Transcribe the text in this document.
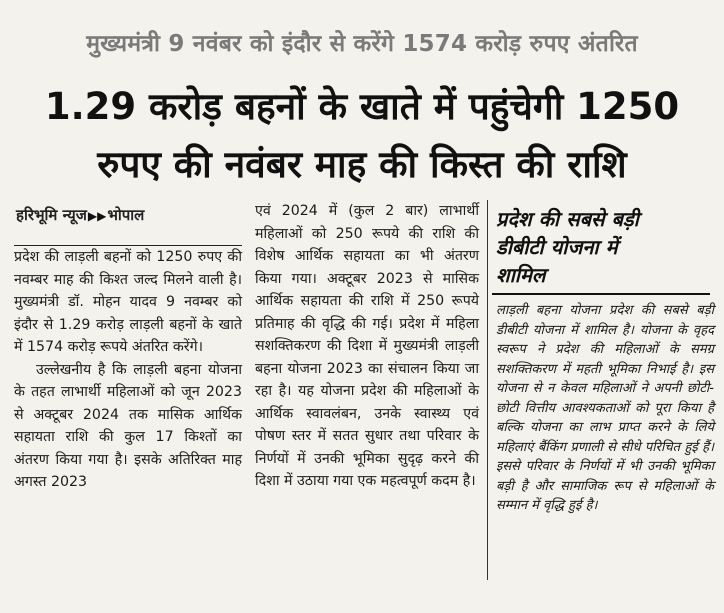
मुख्यमंत्री 9 नवंबर को इंदौर से करेंगे 1574 करोड़ रुपए अंतरित
1.29 करोड़ बहनों के खाते में पहुंचेगी 1250
रुपए की नवंबर माह की किस्त की राशि
हरिभूमि न्यूज▶▶भोपाल

प्रदेश की लाड़ली बहनों को 1250 रुपए की नवम्बर माह की किश्त जल्द मिलने वाली है। मुख्यमंत्री डॉ. मोहन यादव 9 नवम्बर को इंदौर से 1.29 करोड़ लाड़ली बहनों के खाते में 1574 करोड़ रूपये अंतरित करेंगे।

उल्लेखनीय है कि लाड़ली बहना योजना के तहत लाभार्थी महिलाओं को जून 2023 से अक्टूबर 2024 तक मासिक आर्थिक सहायता राशि की कुल 17 किश्तों का अंतरण किया गया है। इसके अतिरिक्त माह अगस्त 2023

एवं 2024 में (कुल 2 बार) लाभार्थी महिलाओं को 250 रूपये की राशि की विशेष आर्थिक सहायता का भी अंतरण किया गया। अक्टूबर 2023 से मासिक आर्थिक सहायता की राशि में 250 रूपये प्रतिमाह की वृद्धि की गई। प्रदेश में महिला सशक्तिकरण की दिशा में मुख्यमंत्री लाड़ली बहना योजना 2023 का संचालन किया जा रहा है। यह योजना प्रदेश की महिलाओं के आर्थिक स्वावलंबन, उनके स्वास्थ्य एवं पोषण स्तर में सतत सुधार तथा परिवार के निर्णयों में उनकी भूमिका सुदृढ़ करने की दिशा में उठाया गया एक महत्वपूर्ण कदम है।

प्रदेश की सबसे बड़ी
डीबीटी योजना में
शामिल

लाड़ली बहना योजना प्रदेश की सबसे बड़ी डीबीटी योजना में शामिल है। योजना के वृहद स्वरूप ने प्रदेश की महिलाओं के समग्र सशक्तिकरण में महती भूमिका निभाई है। इस योजना से न केवल महिलाओं ने अपनी छोटी-छोटी वित्तीय आवश्यकताओं को पूरा किया है बल्कि योजना का लाभ प्राप्त करने के लिये महिलाएं बैंकिंग प्रणाली से सीधे परिचित हुई हैं। इससे परिवार के निर्णयों में भी उनकी भूमिका बड़ी है और सामाजिक रूप से महिलाओं के सम्मान में वृद्धि हुई है।
